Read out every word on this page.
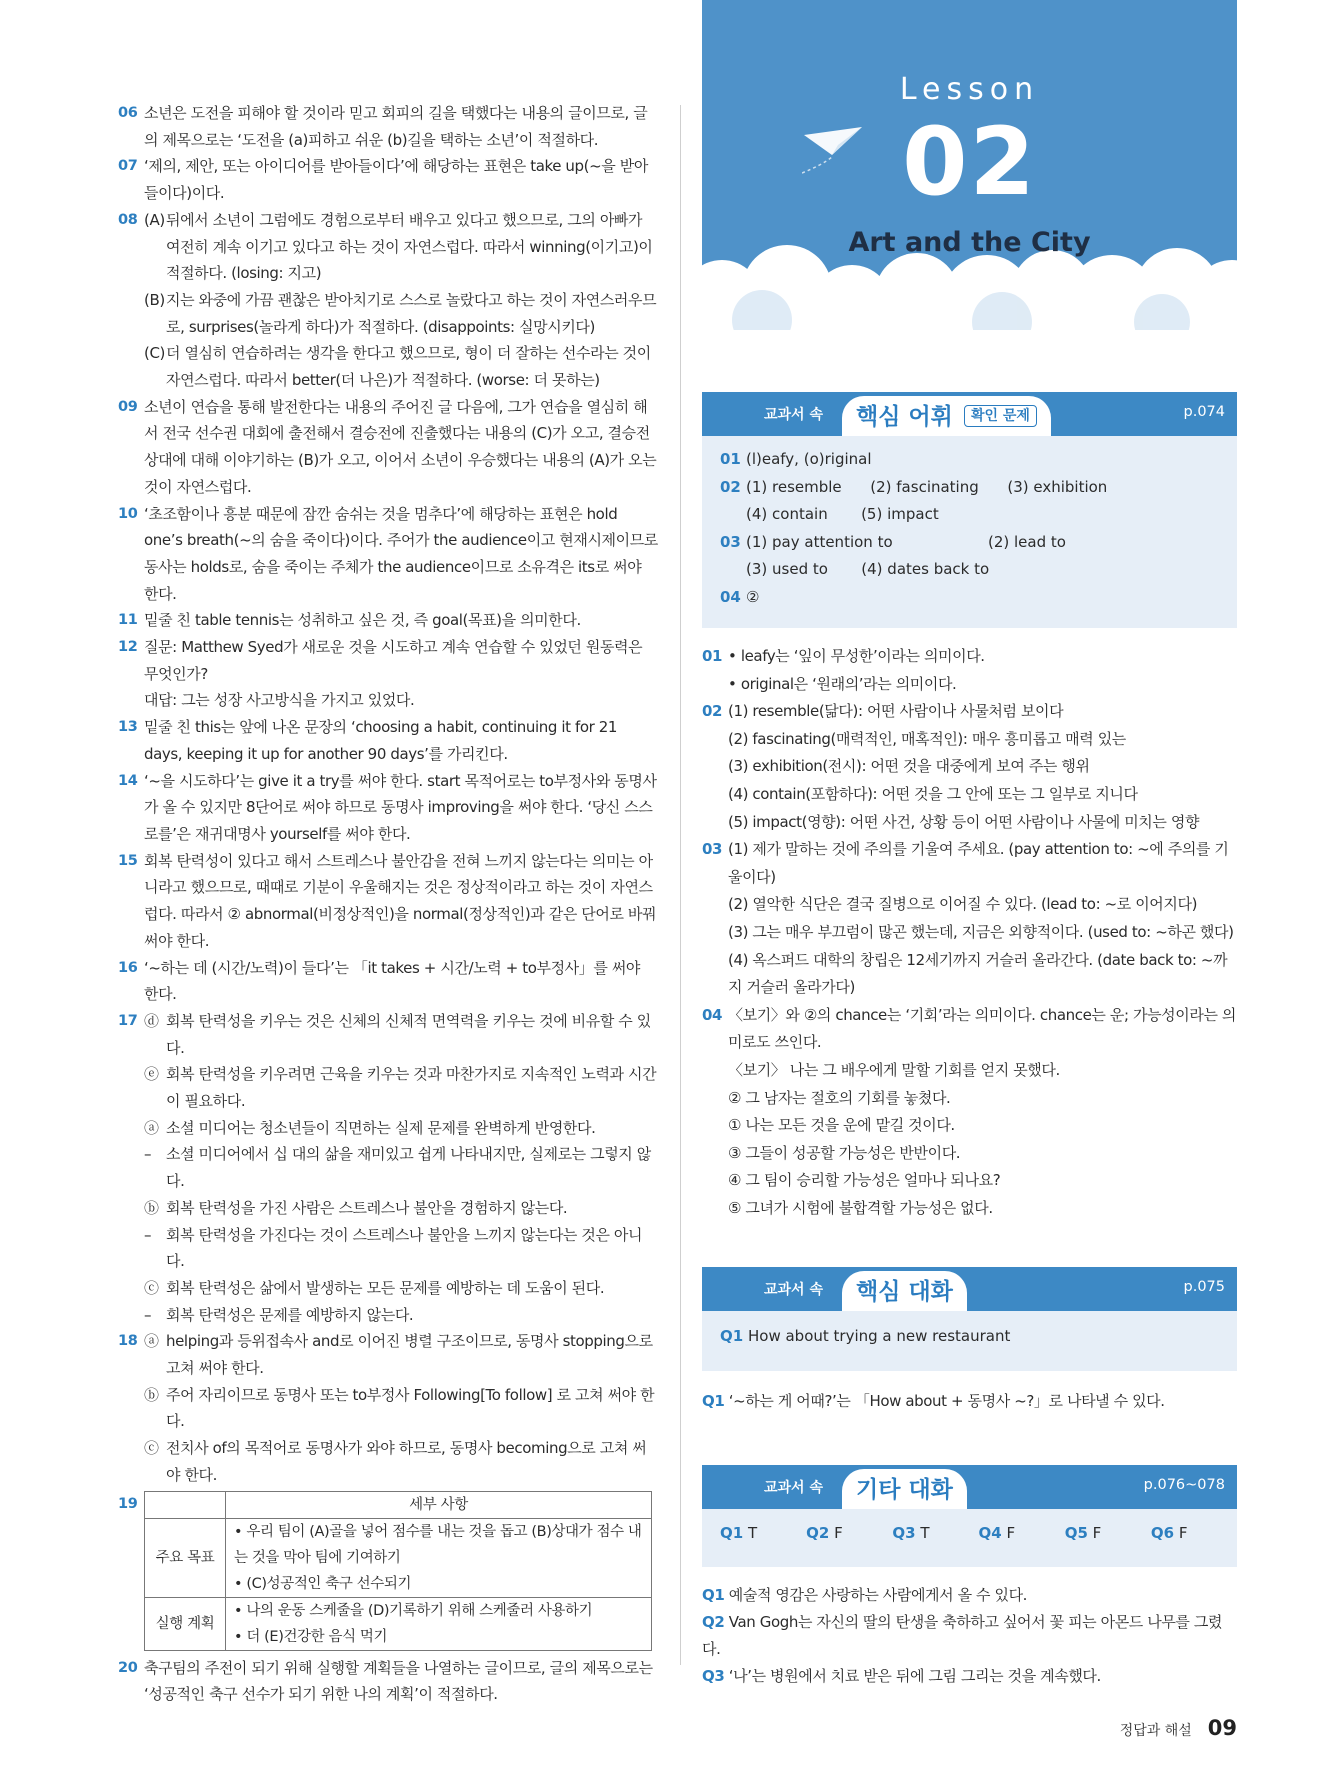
Lesson
02
Art and the City
06 소년은 도전을 피해야 할 것이라 믿고 회피의 길을 택했다는 내용의 글이므로, 글의 제목으로는 ‘도전을 (a)피하고 쉬운 (b)길을 택하는 소년’이 적절하다.
07 ‘제의, 제안, 또는 아이디어를 받아들이다’에 해당하는 표현은 take up(~을 받아들이다)이다.
08 (A) 뒤에서 소년이 그럼에도 경험으로부터 배우고 있다고 했으므로, 그의 아빠가 여전히 계속 이기고 있다고 하는 것이 자연스럽다. 따라서 winning(이기고)이 적절하다. (losing: 지고)
(B) 지는 와중에 가끔 괜찮은 받아치기로 스스로 놀랐다고 하는 것이 자연스러우므로, surprises(놀라게 하다)가 적절하다. (disappoints: 실망시키다)
(C) 더 열심히 연습하려는 생각을 한다고 했으므로, 형이 더 잘하는 선수라는 것이 자연스럽다. 따라서 better(더 나은)가 적절하다. (worse: 더 못하는)
09 소년이 연습을 통해 발전한다는 내용의 주어진 글 다음에, 그가 연습을 열심히 해서 전국 선수권 대회에 출전해서 결승전에 진출했다는 내용의 (C)가 오고, 결승전 상대에 대해 이야기하는 (B)가 오고, 이어서 소년이 우승했다는 내용의 (A)가 오는 것이 자연스럽다.
10 ‘초조함이나 흥분 때문에 잠깐 숨쉬는 것을 멈추다’에 해당하는 표현은 hold one’s breath(~의 숨을 죽이다)이다. 주어가 the audience이고 현재시제이므로 동사는 holds로, 숨을 죽이는 주체가 the audience이므로 소유격은 its로 써야 한다.
11 밑줄 친 table tennis는 성취하고 싶은 것, 즉 goal(목표)을 의미한다.
12 질문: Matthew Syed가 새로운 것을 시도하고 계속 연습할 수 있었던 원동력은 무엇인가?
대답: 그는 성장 사고방식을 가지고 있었다.
13 밑줄 친 this는 앞에 나온 문장의 ‘choosing a habit, continuing it for 21 days, keeping it up for another 90 days’를 가리킨다.
14 ‘~을 시도하다’는 give it a try를 써야 한다. start 목적어로는 to부정사와 동명사가 올 수 있지만 8단어로 써야 하므로 동명사 improving을 써야 한다. ‘당신 스스로를’은 재귀대명사 yourself를 써야 한다.
15 회복 탄력성이 있다고 해서 스트레스나 불안감을 전혀 느끼지 않는다는 의미는 아니라고 했으므로, 때때로 기분이 우울해지는 것은 정상적이라고 하는 것이 자연스럽다. 따라서 ② abnormal(비정상적인)을 normal(정상적인)과 같은 단어로 바꿔 써야 한다.
16 ‘~하는 데 (시간/노력)이 들다’는 「it takes + 시간/노력 + to부정사」를 써야 한다.
17 ⓓ 회복 탄력성을 키우는 것은 신체의 신체적 면역력을 키우는 것에 비유할 수 있다.
ⓔ 회복 탄력성을 키우려면 근육을 키우는 것과 마찬가지로 지속적인 노력과 시간이 필요하다.
ⓐ 소셜 미디어는 청소년들이 직면하는 실제 문제를 완벽하게 반영한다.
– 소셜 미디어에서 십 대의 삶을 재미있고 쉽게 나타내지만, 실제로는 그렇지 않다.
ⓑ 회복 탄력성을 가진 사람은 스트레스나 불안을 경험하지 않는다.
– 회복 탄력성을 가진다는 것이 스트레스나 불안을 느끼지 않는다는 것은 아니다.
ⓒ 회복 탄력성은 삶에서 발생하는 모든 문제를 예방하는 데 도움이 된다.
– 회복 탄력성은 문제를 예방하지 않는다.
18 ⓐ helping과 등위접속사 and로 이어진 병렬 구조이므로, 동명사 stopping으로 고쳐 써야 한다.
ⓑ 주어 자리이므로 동명사 또는 to부정사 Following[To follow] 로 고쳐 써야 한다.
ⓒ 전치사 of의 목적어로 동명사가 와야 하므로, 동명사 becoming으로 고쳐 써야 한다.
19
		세부 사항
주요 목표	• 우리 팀이 (A)골을 넣어 점수를 내는 것을 돕고 (B)상대가 점수 내는 것을 막아 팀에 기여하기
• (C)성공적인 축구 선수되기

실행 계획	• 나의 운동 스케줄을 (D)기록하기 위해 스케줄러 사용하기
• 더 (E)건강한 음식 먹기
20 축구팀의 주전이 되기 위해 실행할 계획들을 나열하는 글이므로, 글의 제목으로는 ‘성공적인 축구 선수가 되기 위한 나의 계획’이 적절하다.
교과서 속	핵심 어휘 확인 문제	p.074
01 (l)eafy, (o)riginal
02 (1) resemble      (2) fascinating      (3) exhibition
(4) contain       (5) impact
03 (1) pay attention to                    (2) lead to
(3) used to       (4) dates back to
04 ②
01 • leafy는 ‘잎이 무성한’이라는 의미이다.
• original은 ‘원래의’라는 의미이다.
02 (1) resemble(닮다): 어떤 사람이나 사물처럼 보이다
(2) fascinating(매력적인, 매혹적인): 매우 흥미롭고 매력 있는
(3) exhibition(전시): 어떤 것을 대중에게 보여 주는 행위
(4) contain(포함하다): 어떤 것을 그 안에 또는 그 일부로 지니다
(5) impact(영향): 어떤 사건, 상황 등이 어떤 사람이나 사물에 미치는 영향
03 (1) 제가 말하는 것에 주의를 기울여 주세요. (pay attention to: ~에 주의를 기울이다)
(2) 열악한 식단은 결국 질병으로 이어질 수 있다. (lead to: ~로 이어지다)
(3) 그는 매우 부끄럼이 많곤 했는데, 지금은 외향적이다. (used to: ~하곤 했다)
(4) 옥스퍼드 대학의 창립은 12세기까지 거슬러 올라간다. (date back to: ~까지 거슬러 올라가다)
04 〈보기〉와 ②의 chance는 ‘기회’라는 의미이다. chance는 운; 가능성이라는 의미로도 쓰인다.
〈보기〉 나는 그 배우에게 말할 기회를 얻지 못했다.
② 그 남자는 절호의 기회를 놓쳤다.
① 나는 모든 것을 운에 맡길 것이다.
③ 그들이 성공할 가능성은 반반이다.
④ 그 팀이 승리할 가능성은 얼마나 되나요?
⑤ 그녀가 시험에 불합격할 가능성은 없다.
교과서 속	핵심 대화	p.075
Q1 How about trying a new restaurant
Q1 ‘~하는 게 어때?’는 「How about + 동명사 ~?」로 나타낼 수 있다.
교과서 속	기타 대화	p.076~078
Q1 T	Q2 F	Q3 T	Q4 F	Q5 F	Q6 F
Q1 예술적 영감은 사랑하는 사람에게서 올 수 있다.
Q2 Van Gogh는 자신의 딸의 탄생을 축하하고 싶어서 꽃 피는 아몬드 나무를 그렸다.
Q3 ‘나’는 병원에서 치료 받은 뒤에 그림 그리는 것을 계속했다.
정답과 해설 09
